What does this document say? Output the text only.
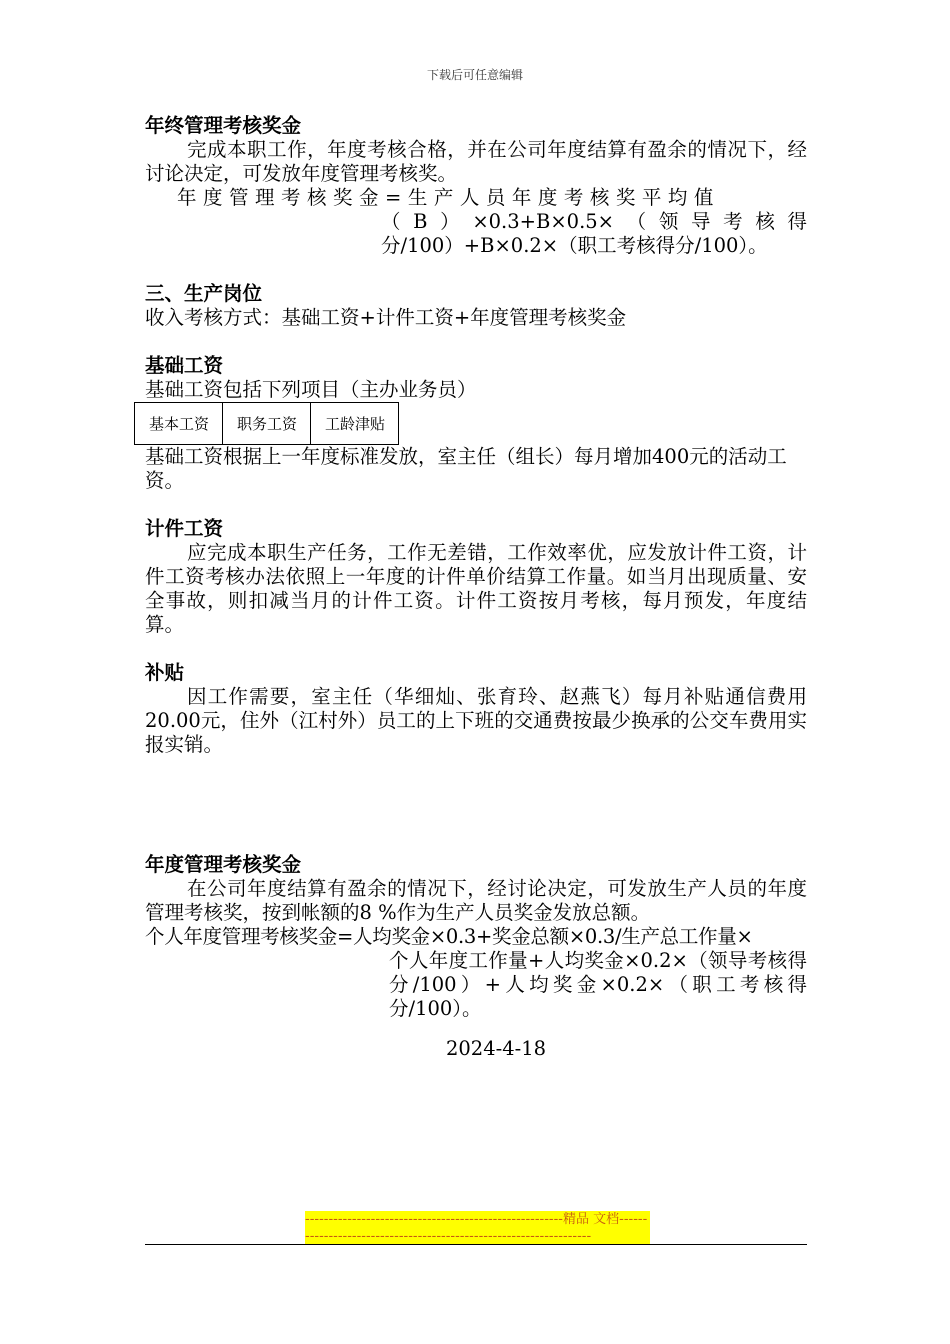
下载后可任意编辑
年终管理考核奖金
完成本职工作，年度考核合格，并在公司年度结算有盈余的情况下，经讨论决定，可发放年度管理考核奖。
年度管理考核奖金=生产人员年度考核奖平均值
（B）×0.3+B×0.5×（领导考核得分/100）+B×0.2×（职工考核得分/100）。
三、生产岗位
收入考核方式：基础工资+计件工资+年度管理考核奖金
基础工资
基础工资包括下列项目（主办业务员）
基本工资	职务工资	工龄津贴
基础工资根据上一年度标准发放，室主任（组长）每月增加400元的活动工资。
计件工资
应完成本职生产任务，工作无差错，工作效率优，应发放计件工资，计件工资考核办法依照上一年度的计件单价结算工作量。如当月出现质量、安全事故，则扣减当月的计件工资。计件工资按月考核，每月预发，年度结算。
补贴
因工作需要，室主任（华细灿、张育玲、赵燕飞）每月补贴通信费用20.00元，住外（江村外）员工的上下班的交通费按最少换承的公交车费用实报实销。
年度管理考核奖金
在公司年度结算有盈余的情况下，经讨论决定，可发放生产人员的年度管理考核奖，按到帐额的8 %作为生产人员奖金发放总额。
个人年度管理考核奖金=人均奖金×0.3+奖金总额×0.3/生产总工作量×
个人年度工作量+人均奖金×0.2×（领导考核得分/100）+人均奖金×0.2×（职工考核得分/100）。
2024-4-18
-------------------------------------------------------精品 文档-------------------------------------------------------------------
